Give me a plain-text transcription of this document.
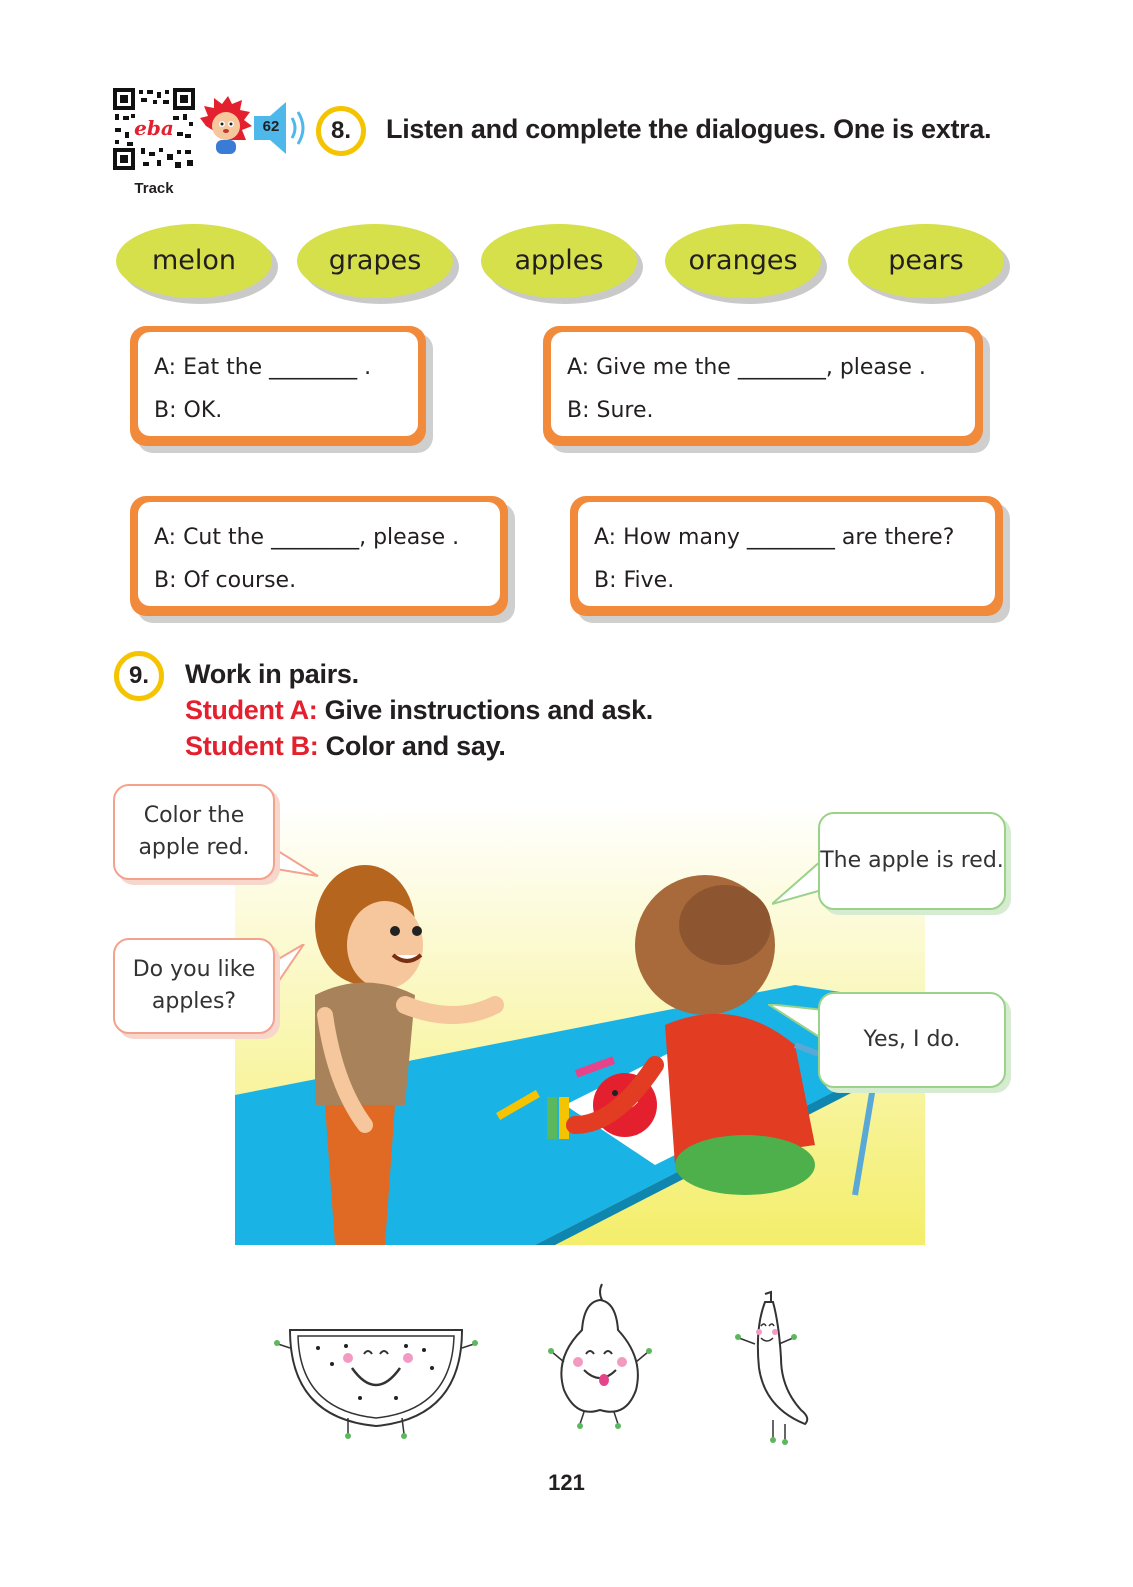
eba
Track
62	8.	Listen and complete the dialogues. One is extra.
melon	grapes	apples	oranges	pears
A: Eat the ________ .
B: OK.
A: Give me the ________, please .
B: Sure.
A: Cut the ________, please .
B: Of course.
A: How many ________ are there?
B: Five.
9.	Work in pairs.
Student A: Give instructions and ask.
Student B: Color and say.
Color the apple red.
Do you like apples?
The apple is red.
Yes, I do.
121
